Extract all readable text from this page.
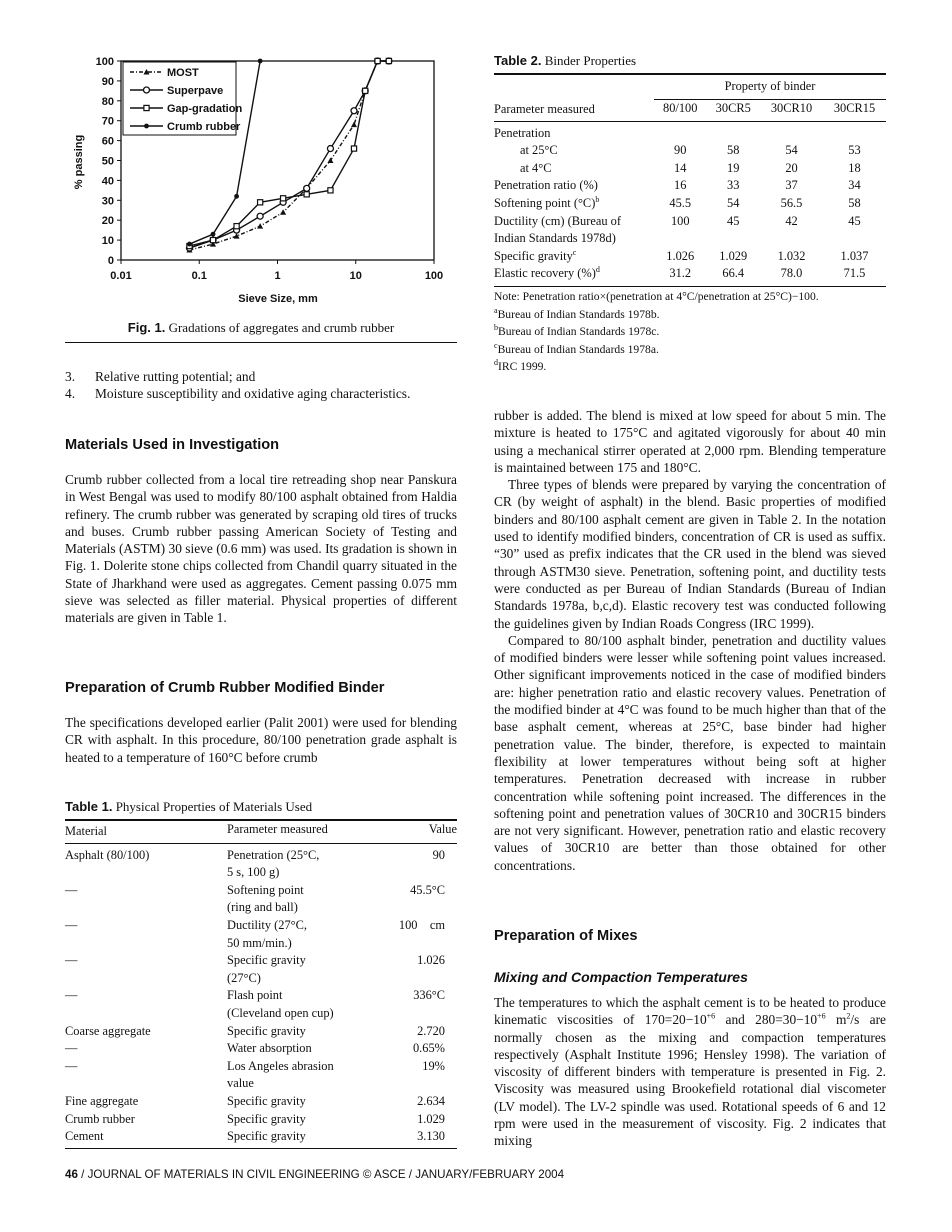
0
10
20
30
40
50
60
70
80
90
100
0.01	0.1	1	10	100
MOST
Superpave
Gap-gradation
Crumb rubber
% passing
Sieve Size, mm
Fig. 1. Gradations of aggregates and crumb rubber
3.	Relative rutting potential; and
4.	Moisture susceptibility and oxidative aging characteristics.
Materials Used in Investigation

Crumb rubber collected from a local tire retreading shop near Panskura in West Bengal was used to modify 80/100 asphalt obtained from Haldia refinery. The crumb rubber was generated by scraping old tires of trucks and buses. Crumb rubber passing American Society of Testing and Materials (ASTM) 30 sieve (0.6 mm) was used. Its gradation is shown in Fig. 1. Dolerite stone chips collected from Chandil quarry situated in the State of Jharkhand were used as aggregates. Cement passing 0.075 mm sieve was selected as filler material. Physical properties of different materials are given in Table 1.

Preparation of Crumb Rubber Modified Binder

The specifications developed earlier (Palit 2001) were used for blending CR with asphalt. In this procedure, 80/100 penetration grade asphalt is heated to a temperature of 160°C before crumb

Table 1. Physical Properties of Materials Used
Material	Parameter measured	Value
Asphalt (80/100)	Penetration (25°C,
5 s, 100 g)	90
—	Softening point
(ring and ball)	45.5°C
—	Ductility (27°C,
50 mm/min.)	100    cm
—	Specific gravity
(27°C)	1.026
—	Flash point
(Cleveland open cup)	336°C
Coarse aggregate	Specific gravity	2.720
—	Water absorption	0.65%
—	Los Angeles abrasion
value	19%
Fine aggregate	Specific gravity	2.634
Crumb rubber	Specific gravity	1.029
Cement	Specific gravity	3.130
Table 2. Binder Properties
	Property of binder			
Parameter measured	80/100	30CR5	30CR10	30CR15
Penetration				
at 25°C	90	58	54	53
at 4°C	14	19	20	18
Penetration ratio (%)	16	33	37	34
Softening point $(^\circ C)^b$	45.5	54	56.5	58
Ductility (cm) (Bureau of	100	45	42	45
Indian Standards 1978d)				
Specific gravity$^c$	1.026	1.029	1.032	1.037
Elastic recovery (%)$^d$	31.2	66.4	78.0	71.5
Note: Penetration ratio×(penetration at 4°C/penetration at 25°C)−100.
$^a$Bureau of Indian Standards 1978b.
$^b$Bureau of Indian Standards 1978c.
$^c$Bureau of Indian Standards 1978a.
$^d$IRC 1999.

rubber is added. The blend is mixed at low speed for about 5 min. The mixture is heated to 175°C and agitated vigorously for about 40 min using a mechanical stirrer operated at 2,000 rpm. Blending temperature is maintained between 175 and 180°C.

Three types of blends were prepared by varying the concentration of CR (by weight of asphalt) in the blend. Basic properties of modified binders and 80/100 asphalt cement are given in Table 2. In the notation used to identify modified binders, concentration of CR is used as suffix. “30” used as prefix indicates that the CR used in the blend was sieved through ASTM30 sieve. Penetration, softening point, and ductility tests were conducted as per Bureau of Indian Standards (Bureau of Indian Standards 1978a, b,c,d). Elastic recovery test was conducted following the guidelines given by Indian Roads Congress (IRC 1999).

Compared to 80/100 asphalt binder, penetration and ductility values of modified binders were lesser while softening point values increased. Other significant improvements noticed in the case of modified binders are: higher penetration ratio and elastic recovery values. Penetration of the modified binder at 4°C was found to be much higher than that of the base asphalt cement, whereas at 25°C, base binder had higher penetration value. The binder, therefore, is expected to maintain flexibility at lower temperatures without being soft at higher temperatures. Penetration decreased with increase in rubber concentration while softening point increased. The differences in the softening point and penetration values of 30CR10 and 30CR15 binders are not very significant. However, penetration ratio and elastic recovery values of 30CR10 are better than those obtained for other concentrations.

Preparation of Mixes
Mixing and Compaction Temperatures

The temperatures to which the asphalt cement is to be heated to produce kinematic viscosities of $170=20-10^{+6}$ and $280=30-10^{+6}$ $m^2/s$ are normally chosen as the mixing and compaction temperatures respectively (Asphalt Institute 1996; Hensley 1998). The variation of viscosity of different binders with temperature is presented in Fig. 2. Viscosity was measured using Brookefield rotational dial viscometer (LV model). The LV-2 spindle was used. Rotational speeds of 6 and 12 rpm were used in the measurement of viscosity. Fig. 2 indicates that mixing

46 / JOURNAL OF MATERIALS IN CIVIL ENGINEERING © ASCE / JANUARY/FEBRUARY 2004
